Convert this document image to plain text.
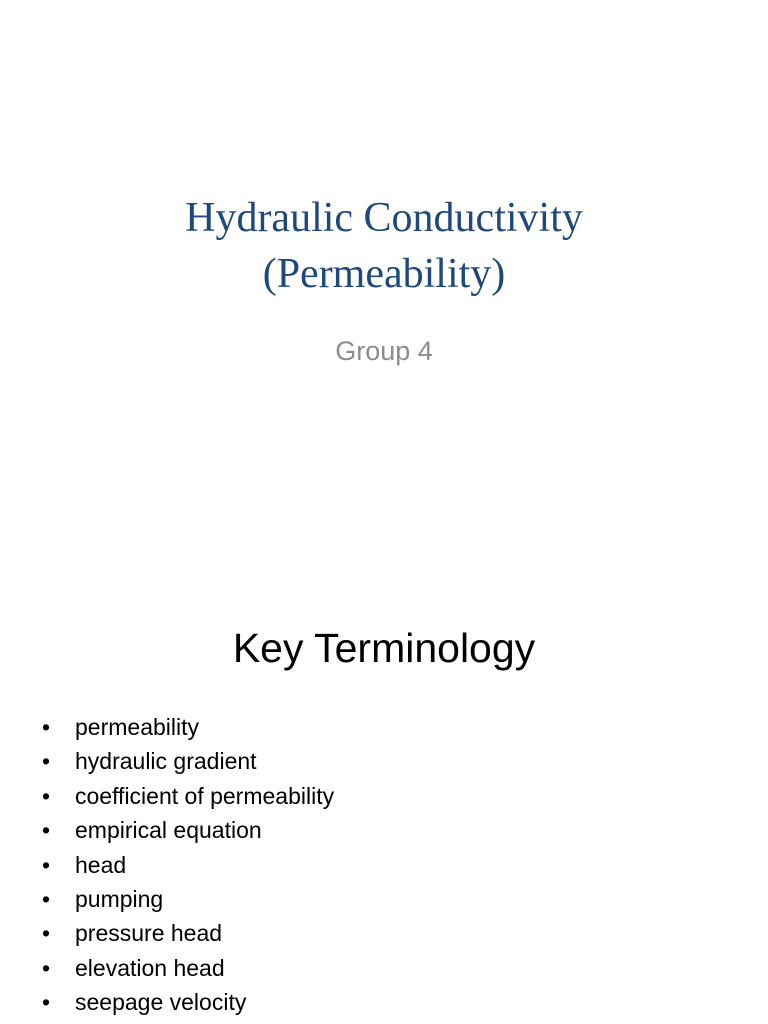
Hydraulic Conductivity
(Permeability)
Group 4
Key Terminology
• permeability
• hydraulic gradient
• coefficient of permeability
• empirical equation
• head
• pumping
• pressure head
• elevation head
• seepage velocity
